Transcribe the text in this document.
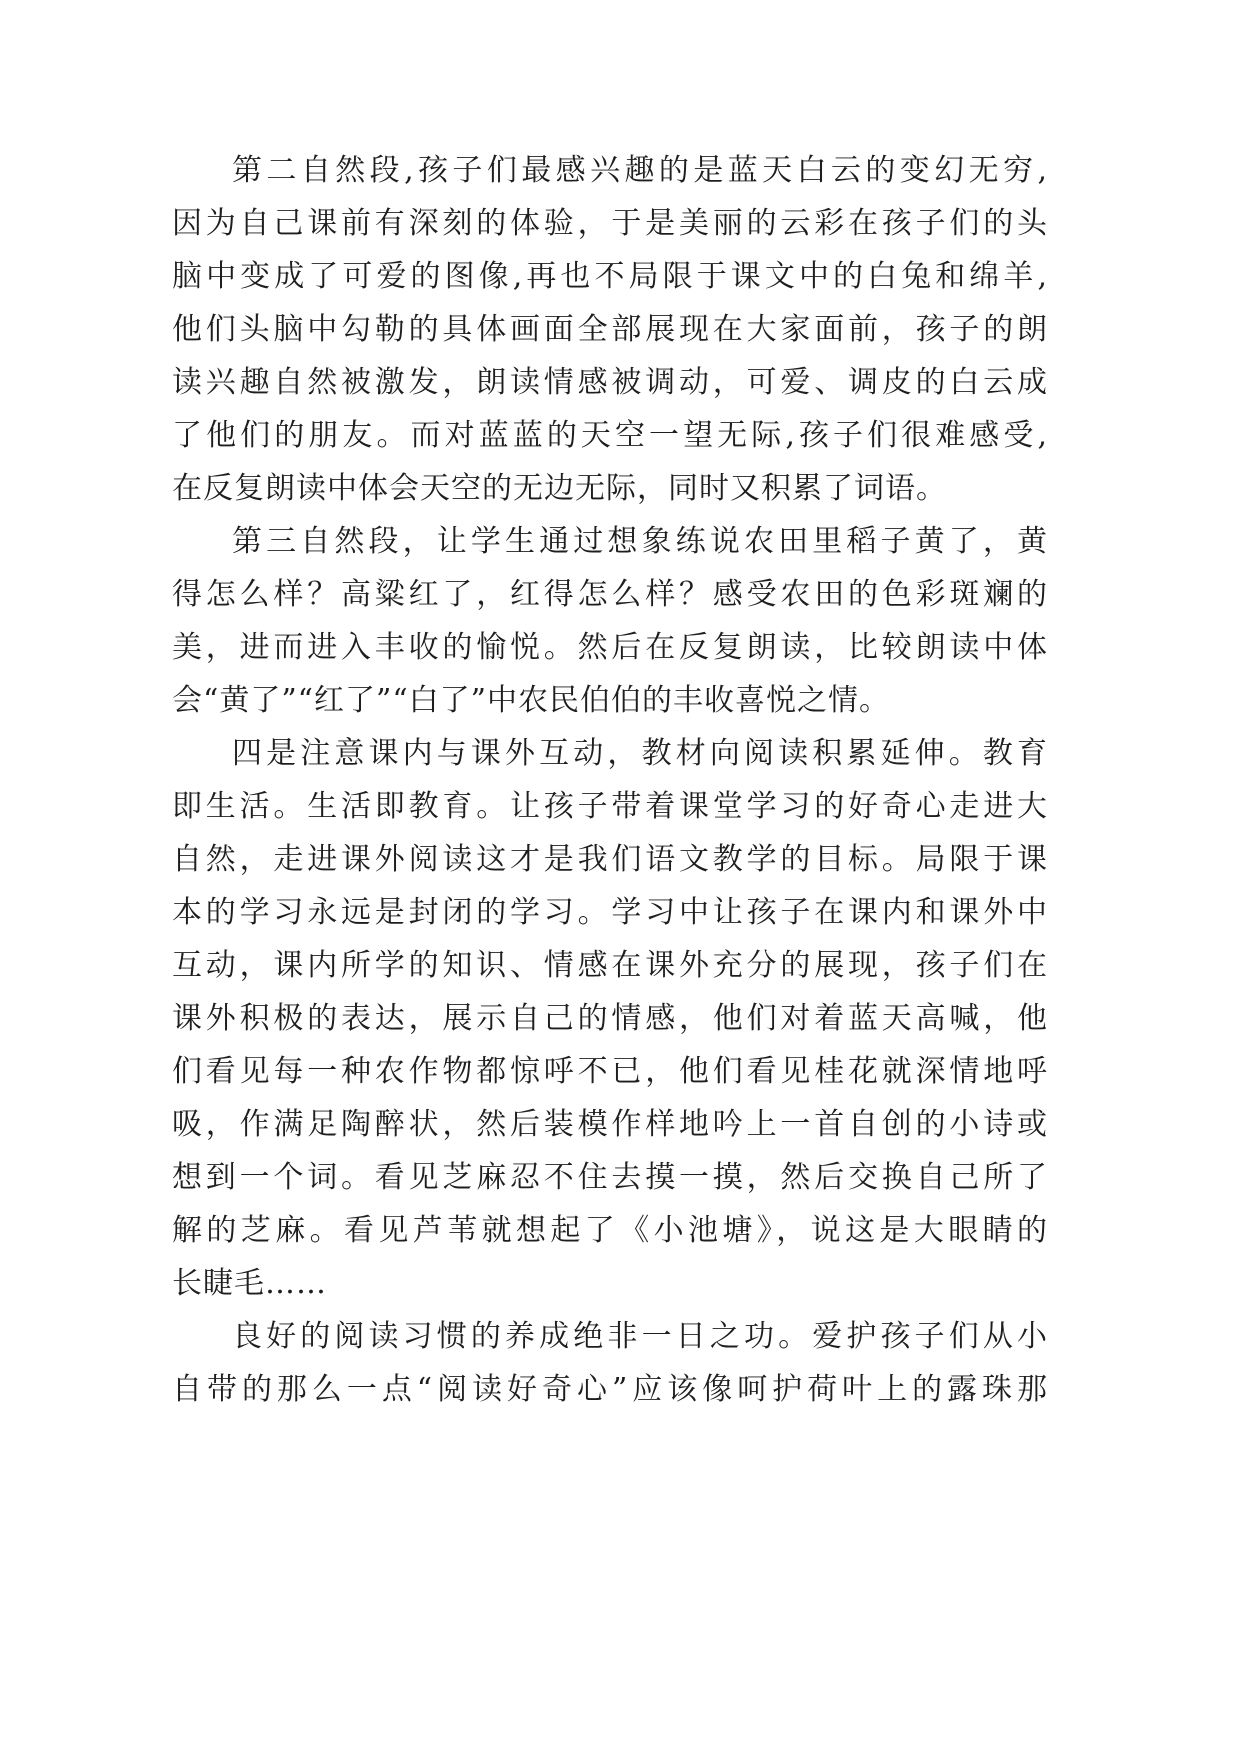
第二自然段,孩子们最感兴趣的是蓝天白云的变幻无穷,
因为自己课前有深刻的体验，于是美丽的云彩在孩子们的头
脑中变成了可爱的图像,再也不局限于课文中的白兔和绵羊,
他们头脑中勾勒的具体画面全部展现在大家面前，孩子的朗
读兴趣自然被激发，朗读情感被调动，可爱、调皮的白云成
了他们的朋友。而对蓝蓝的天空一望无际,孩子们很难感受,
在反复朗读中体会天空的无边无际，同时又积累了词语。
第三自然段，让学生通过想象练说农田里稻子黄了，黄
得怎么样？高粱红了，红得怎么样？感受农田的色彩斑斓的
美，进而进入丰收的愉悦。然后在反复朗读，比较朗读中体
会“黄了”“红了”“白了”中农民伯伯的丰收喜悦之情。
四是注意课内与课外互动，教材向阅读积累延伸。教育
即生活。生活即教育。让孩子带着课堂学习的好奇心走进大
自然，走进课外阅读这才是我们语文教学的目标。局限于课
本的学习永远是封闭的学习。学习中让孩子在课内和课外中
互动，课内所学的知识、情感在课外充分的展现，孩子们在
课外积极的表达，展示自己的情感，他们对着蓝天高喊，他
们看见每一种农作物都惊呼不已，他们看见桂花就深情地呼
吸，作满足陶醉状，然后装模作样地吟上一首自创的小诗或
想到一个词。看见芝麻忍不住去摸一摸，然后交换自己所了
解的芝麻。看见芦苇就想起了《小池塘》，说这是大眼睛的
长睫毛……
良好的阅读习惯的养成绝非一日之功。爱护孩子们从小
自带的那么一点“阅读好奇心”应该像呵护荷叶上的露珠那
